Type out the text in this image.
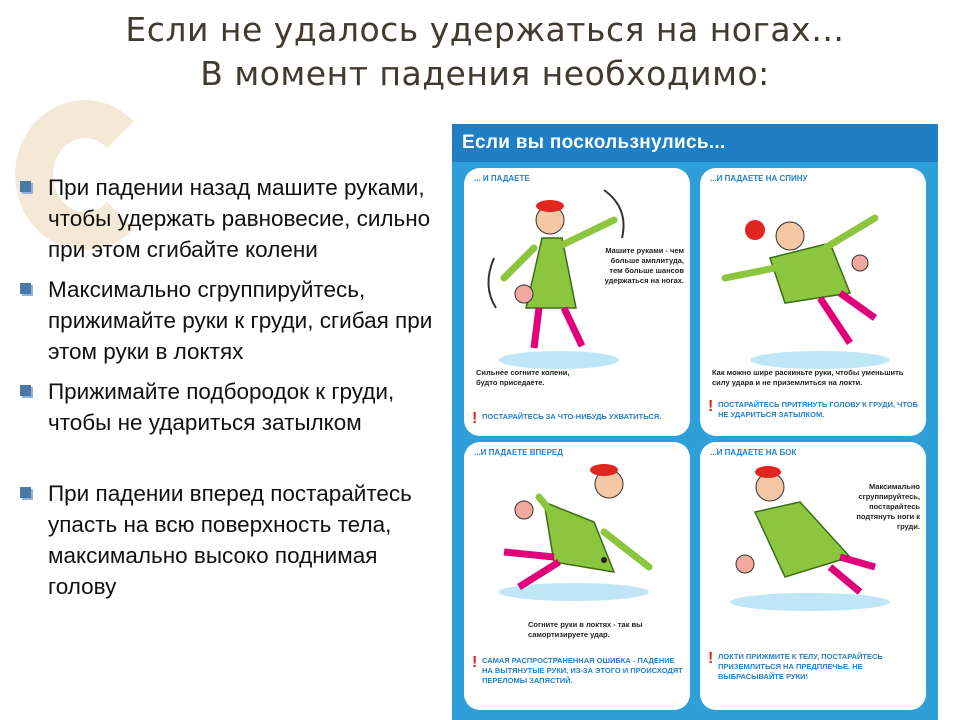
Если не удалось удержаться на ногах…
В момент падения необходимо:
При падении назад машите руками, чтобы удержать равновесие, сильно при этом сгибайте колени
Максимально сгруппируйтесь, прижимайте руки к груди, сгибая при этом руки в локтях
Прижимайте подбородок к груди, чтобы не удариться затылком
При падении вперед постарайтесь упасть на всю поверхность тела, максимально высоко поднимая голову
Если вы поскользнулись...
... И ПАДАЕТЕ
Машите руками - чем больше амплитуда, тем больше шансов удержаться на ногах.
Сильнее согните колени, будто приседаете.
! ПОСТАРАЙТЕСЬ ЗА ЧТО-НИБУДЬ УХВАТИТЬСЯ.
...И ПАДАЕТЕ НА СПИНУ
Как можно шире раскиньте руки, чтобы уменьшить силу удара и не приземлиться на локти.
! ПОСТАРАЙТЕСЬ ПРИТЯНУТЬ ГОЛОВУ К ГРУДИ, ЧТОБ НЕ УДАРИТЬСЯ ЗАТЫЛКОМ.
...И ПАДАЕТЕ ВПЕРЕД
Согните руки в локтях - так вы самортизируете удар.
! САМАЯ РАСПРОСТРАНЕННАЯ ОШИБКА - ПАДЕНИЕ НА ВЫТЯНУТЫЕ РУКИ, ИЗ-ЗА ЭТОГО И ПРОИСХОДЯТ ПЕРЕЛОМЫ ЗАПЯСТИЙ.
...И ПАДАЕТЕ НА БОК
Максимально сгруппируйтесь, постарайтесь подтянуть ноги к груди.
! ЛОКТИ ПРИЖМИТЕ К ТЕЛУ, ПОСТАРАЙТЕСЬ ПРИЗЕМЛИТЬСЯ НА ПРЕДПЛЕЧЬЕ. НЕ ВЫБРАСЫВАЙТЕ РУКИ!
